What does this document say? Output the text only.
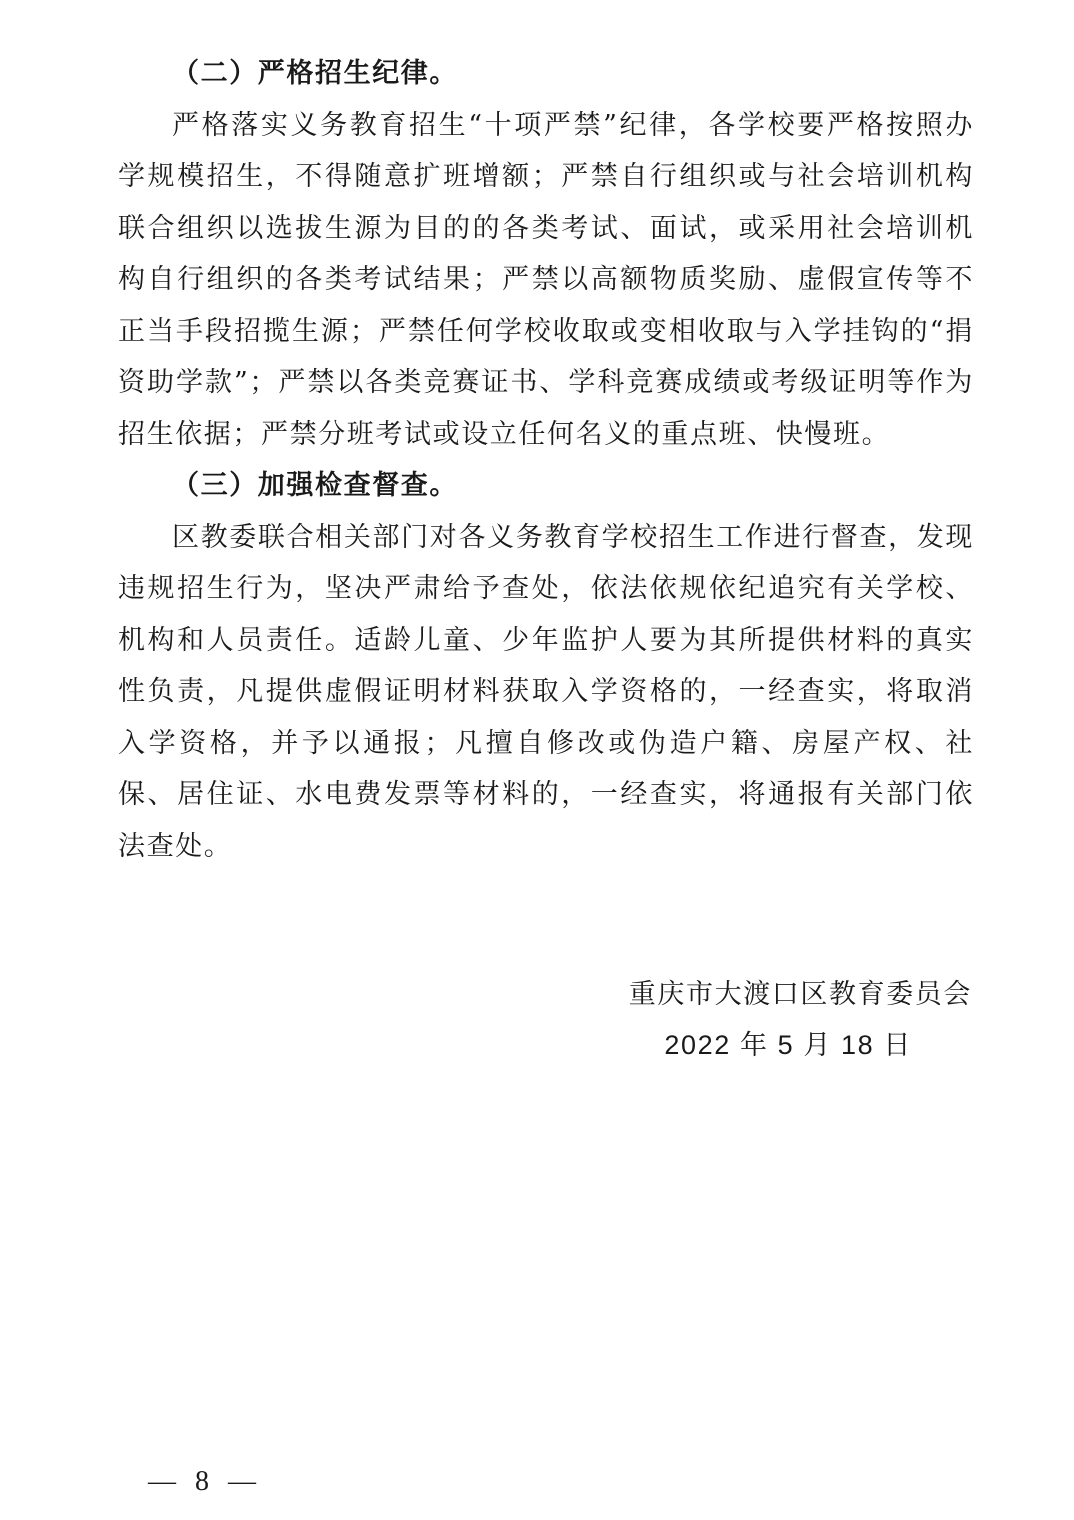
（二）严格招生纪律。

严格落实义务教育招生“十项严禁”纪律，各学校要严格按照办学规模招生，不得随意扩班增额；严禁自行组织或与社会培训机构联合组织以选拔生源为目的的各类考试、面试，或采用社会培训机构自行组织的各类考试结果；严禁以高额物质奖励、虚假宣传等不正当手段招揽生源；严禁任何学校收取或变相收取与入学挂钩的“捐资助学款”；严禁以各类竞赛证书、学科竞赛成绩或考级证明等作为招生依据；严禁分班考试或设立任何名义的重点班、快慢班。

（三）加强检查督查。

区教委联合相关部门对各义务教育学校招生工作进行督查，发现违规招生行为，坚决严肃给予查处，依法依规依纪追究有关学校、机构和人员责任。适龄儿童、少年监护人要为其所提供材料的真实性负责，凡提供虚假证明材料获取入学资格的，一经查实，将取消入学资格，并予以通报；凡擅自修改或伪造户籍、房屋产权、社保、居住证、水电费发票等材料的，一经查实，将通报有关部门依法查处。

重庆市大渡口区教育委员会
2022 年 5 月 18 日
— 8 —
